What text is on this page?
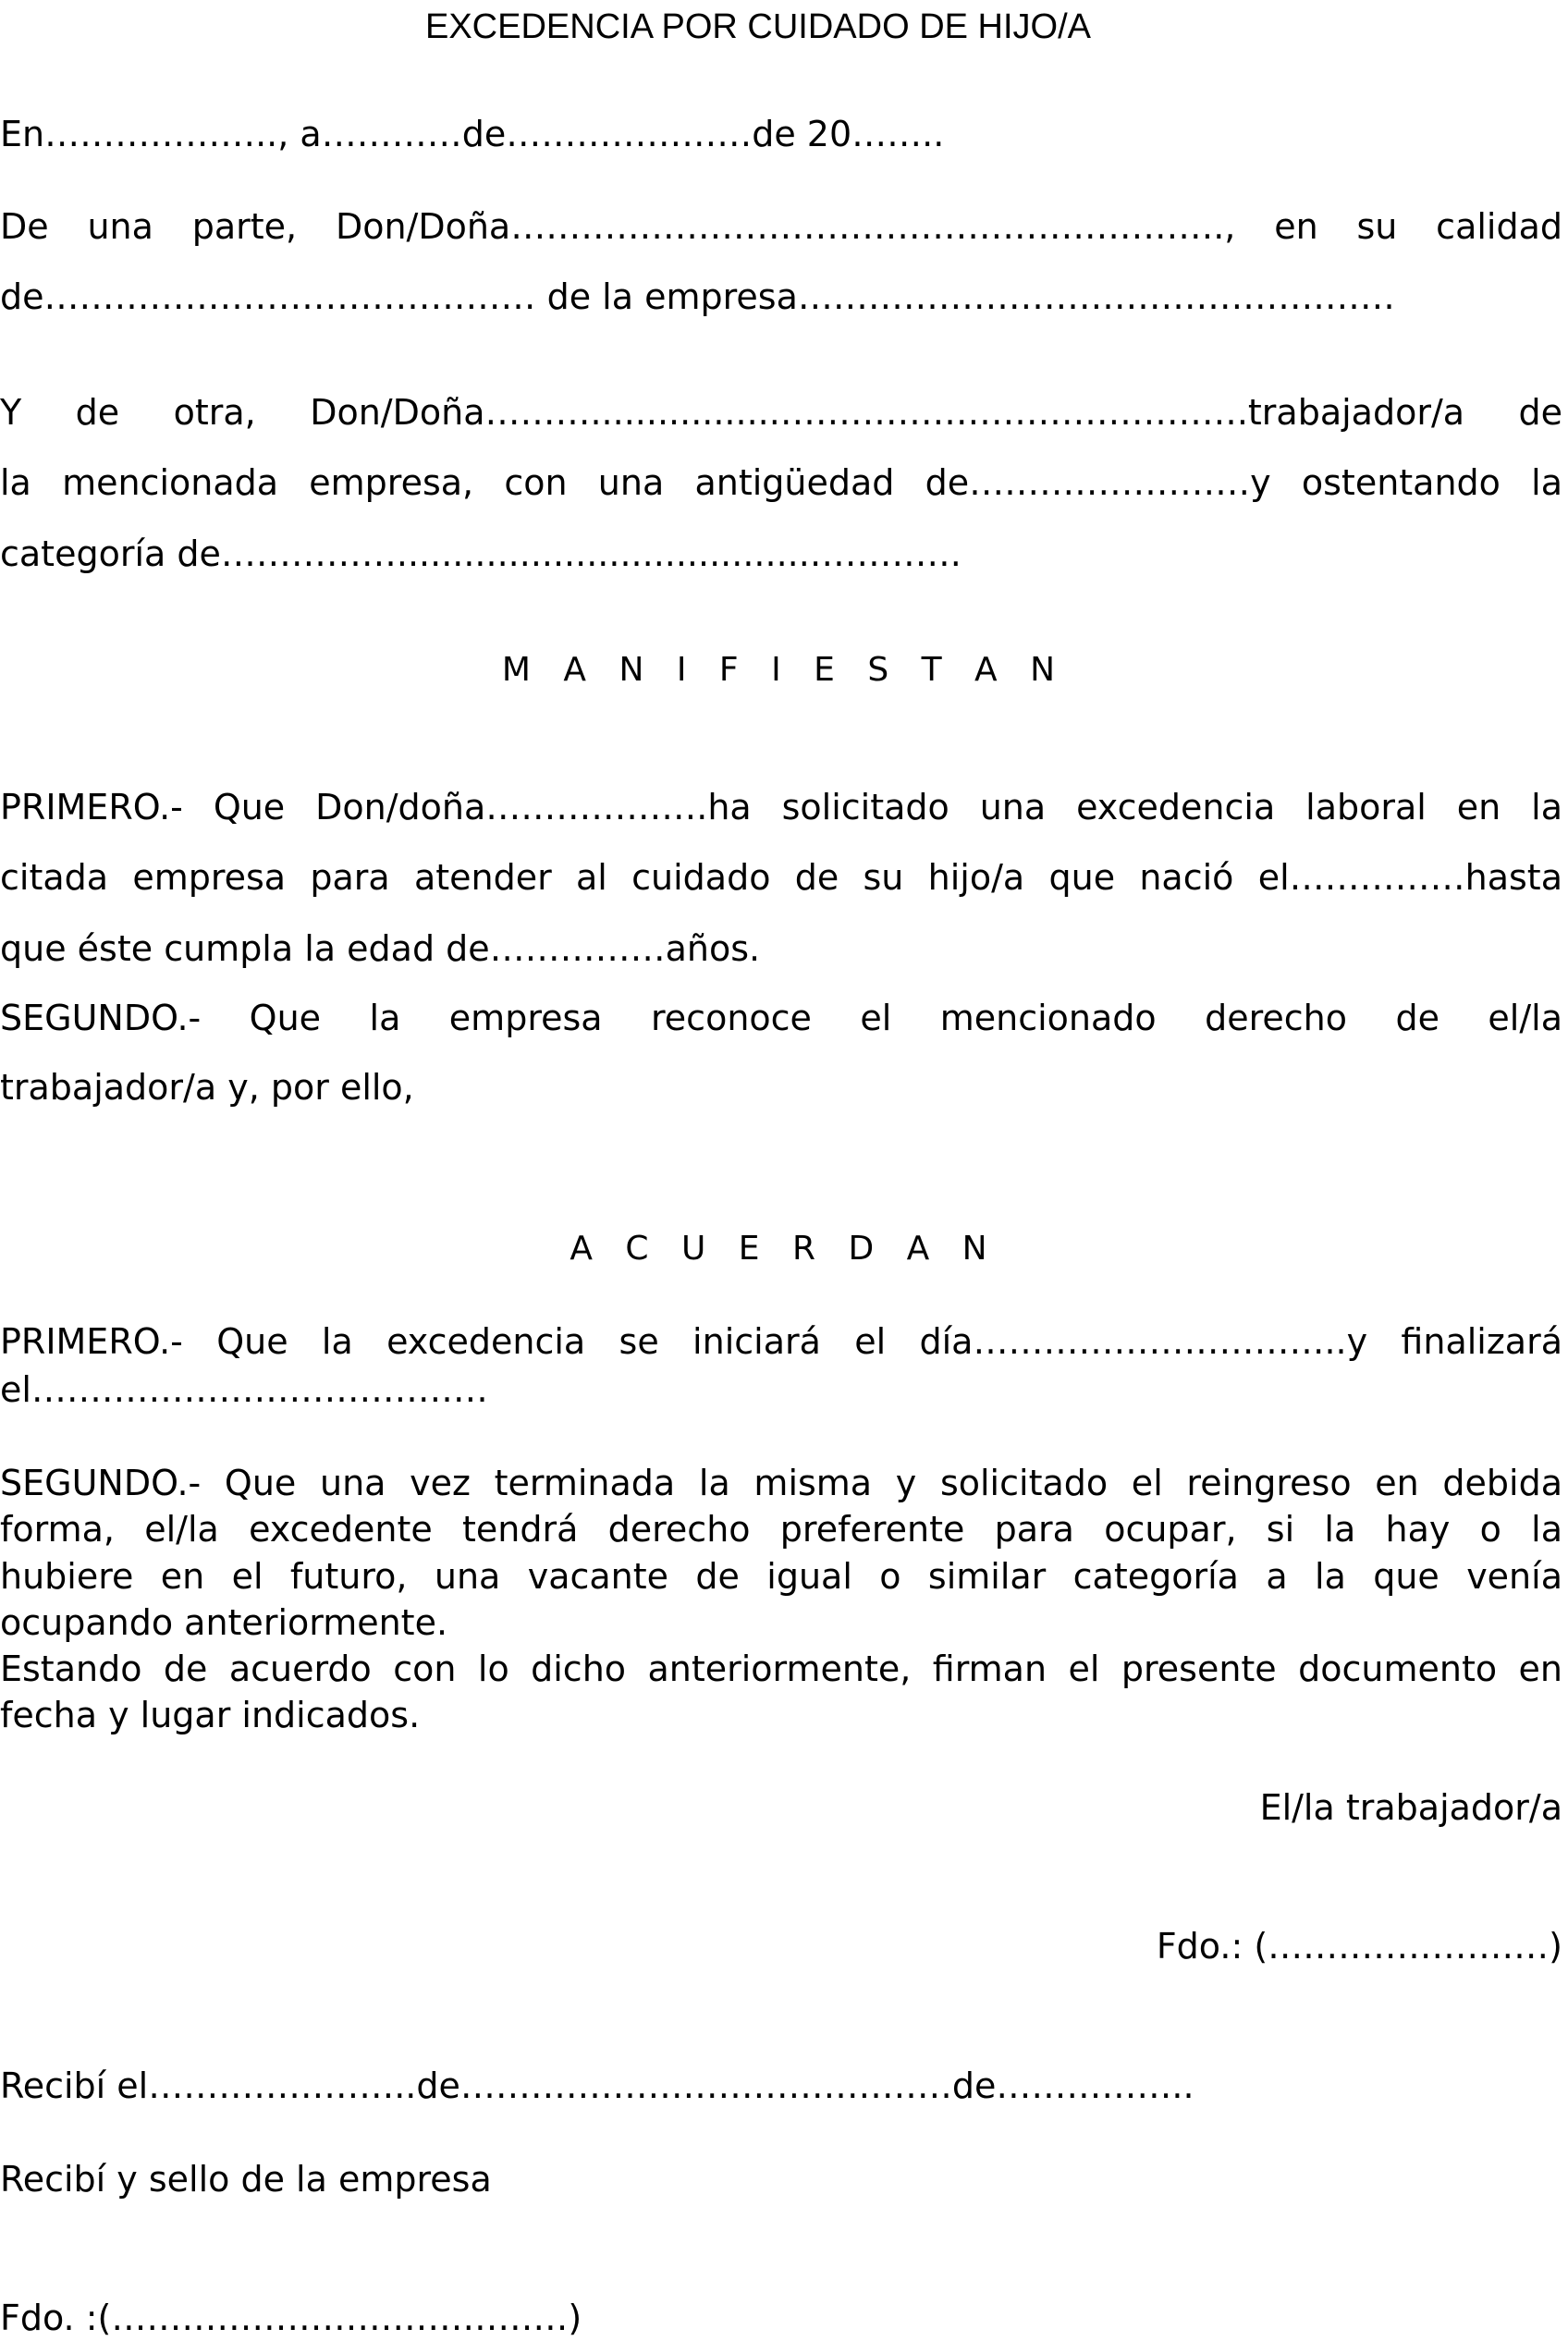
EXCEDENCIA POR CUIDADO DE HIJO/A
En……………….., a…………de…………………de 20……..
De una parte, Don/Doña……………………………………………………., en su calidad
de…………………………………… de la empresa……………………………………………
Y de otra, Don/Doña……….................………………………………….trabajador/a de
la mencionada empresa, con una antigüedad de……………………y ostentando la
categoría de…………….....................................………….
M A N I F I E S T A N
PRIMERO.- Que Don/doña……………….ha solicitado una excedencia laboral en la
citada empresa para atender al cuidado de su hijo/a que nació el……………hasta
que éste cumpla la edad de……………años.
SEGUNDO.- Que la empresa reconoce el mencionado derecho de el/la
trabajador/a y, por ello,
A C U E R D A N
PRIMERO.- Que la excedencia se iniciará el día…………………………..y finalizará
el…………………………………
SEGUNDO.- Que una vez terminada la misma y solicitado el reingreso en debida
forma, el/la excedente tendrá derecho preferente para ocupar, si la hay o la
hubiere en el futuro, una vacante de igual o similar categoría a la que venía
ocupando anteriormente.
Estando de acuerdo con lo dicho anteriormente, firman el presente documento en
fecha y lugar indicados.
El/la trabajador/a
Fdo.: (……………………)
Recibí el…………………..de……………………………………de……………..
Recibí y sello de la empresa
Fdo. :(…………………………………)
